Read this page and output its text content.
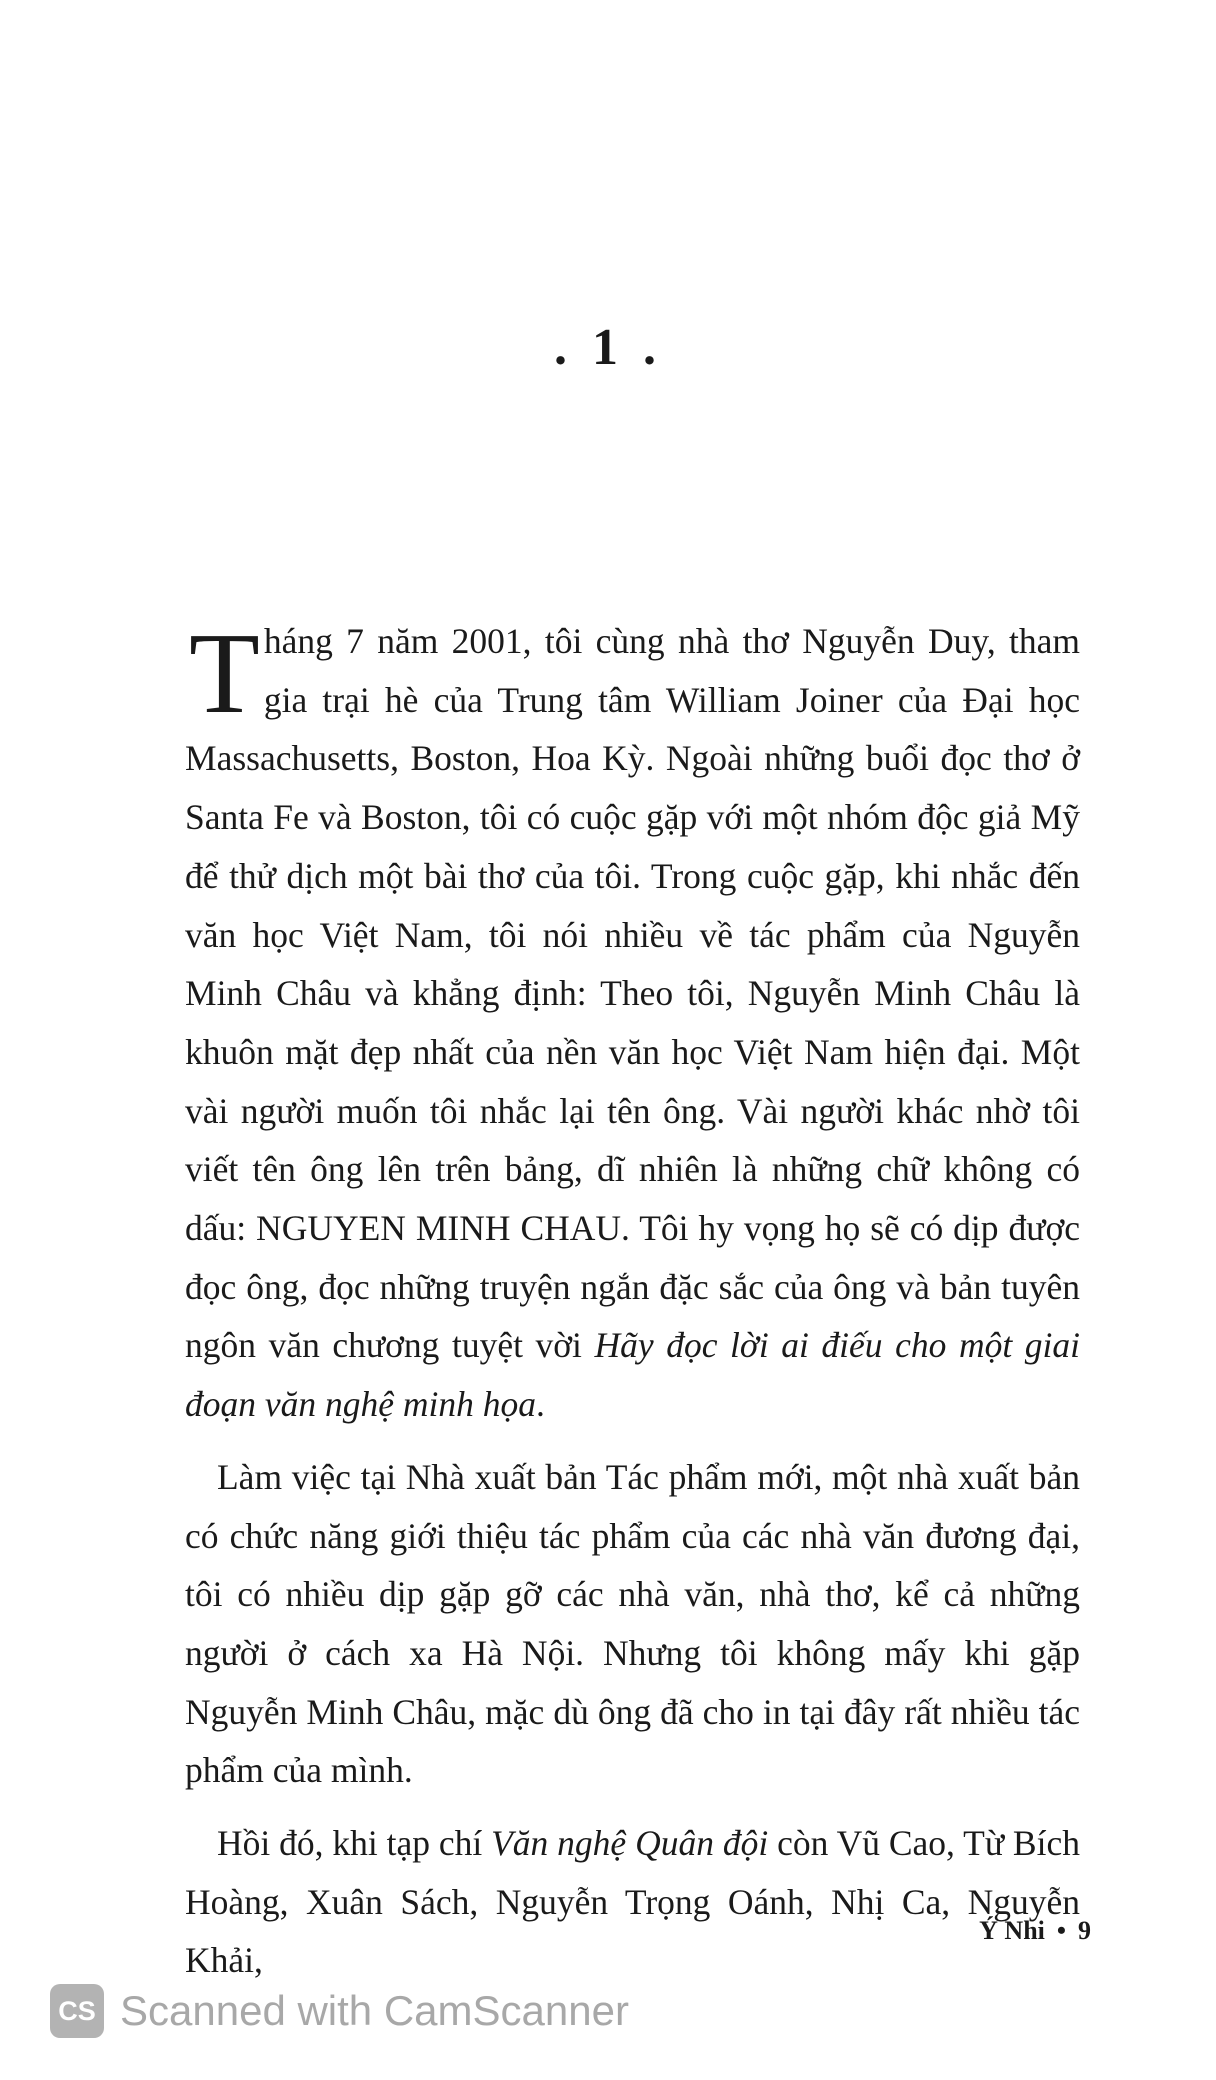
. 1 .

Tháng 7 năm 2001, tôi cùng nhà thơ Nguyễn Duy, tham gia trại hè của Trung tâm William Joiner của Đại học Massachusetts, Boston, Hoa Kỳ. Ngoài những buổi đọc thơ ở Santa Fe và Boston, tôi có cuộc gặp với một nhóm độc giả Mỹ để thử dịch một bài thơ của tôi. Trong cuộc gặp, khi nhắc đến văn học Việt Nam, tôi nói nhiều về tác phẩm của Nguyễn Minh Châu và khẳng định: Theo tôi, Nguyễn Minh Châu là khuôn mặt đẹp nhất của nền văn học Việt Nam hiện đại. Một vài người muốn tôi nhắc lại tên ông. Vài người khác nhờ tôi viết tên ông lên trên bảng, dĩ nhiên là những chữ không có dấu: NGUYEN MINH CHAU. Tôi hy vọng họ sẽ có dịp được đọc ông, đọc những truyện ngắn đặc sắc của ông và bản tuyên ngôn văn chương tuyệt vời Hãy đọc lời ai điếu cho một giai đoạn văn nghệ minh họa.

Làm việc tại Nhà xuất bản Tác phẩm mới, một nhà xuất bản có chức năng giới thiệu tác phẩm của các nhà văn đương đại, tôi có nhiều dịp gặp gỡ các nhà văn, nhà thơ, kể cả những người ở cách xa Hà Nội. Nhưng tôi không mấy khi gặp Nguyễn Minh Châu, mặc dù ông đã cho in tại đây rất nhiều tác phẩm của mình.

Hồi đó, khi tạp chí Văn nghệ Quân đội còn Vũ Cao, Từ Bích Hoàng, Xuân Sách, Nguyễn Trọng Oánh, Nhị Ca, Nguyễn Khải,

Ý Nhi • 9
CS Scanned with CamScanner
